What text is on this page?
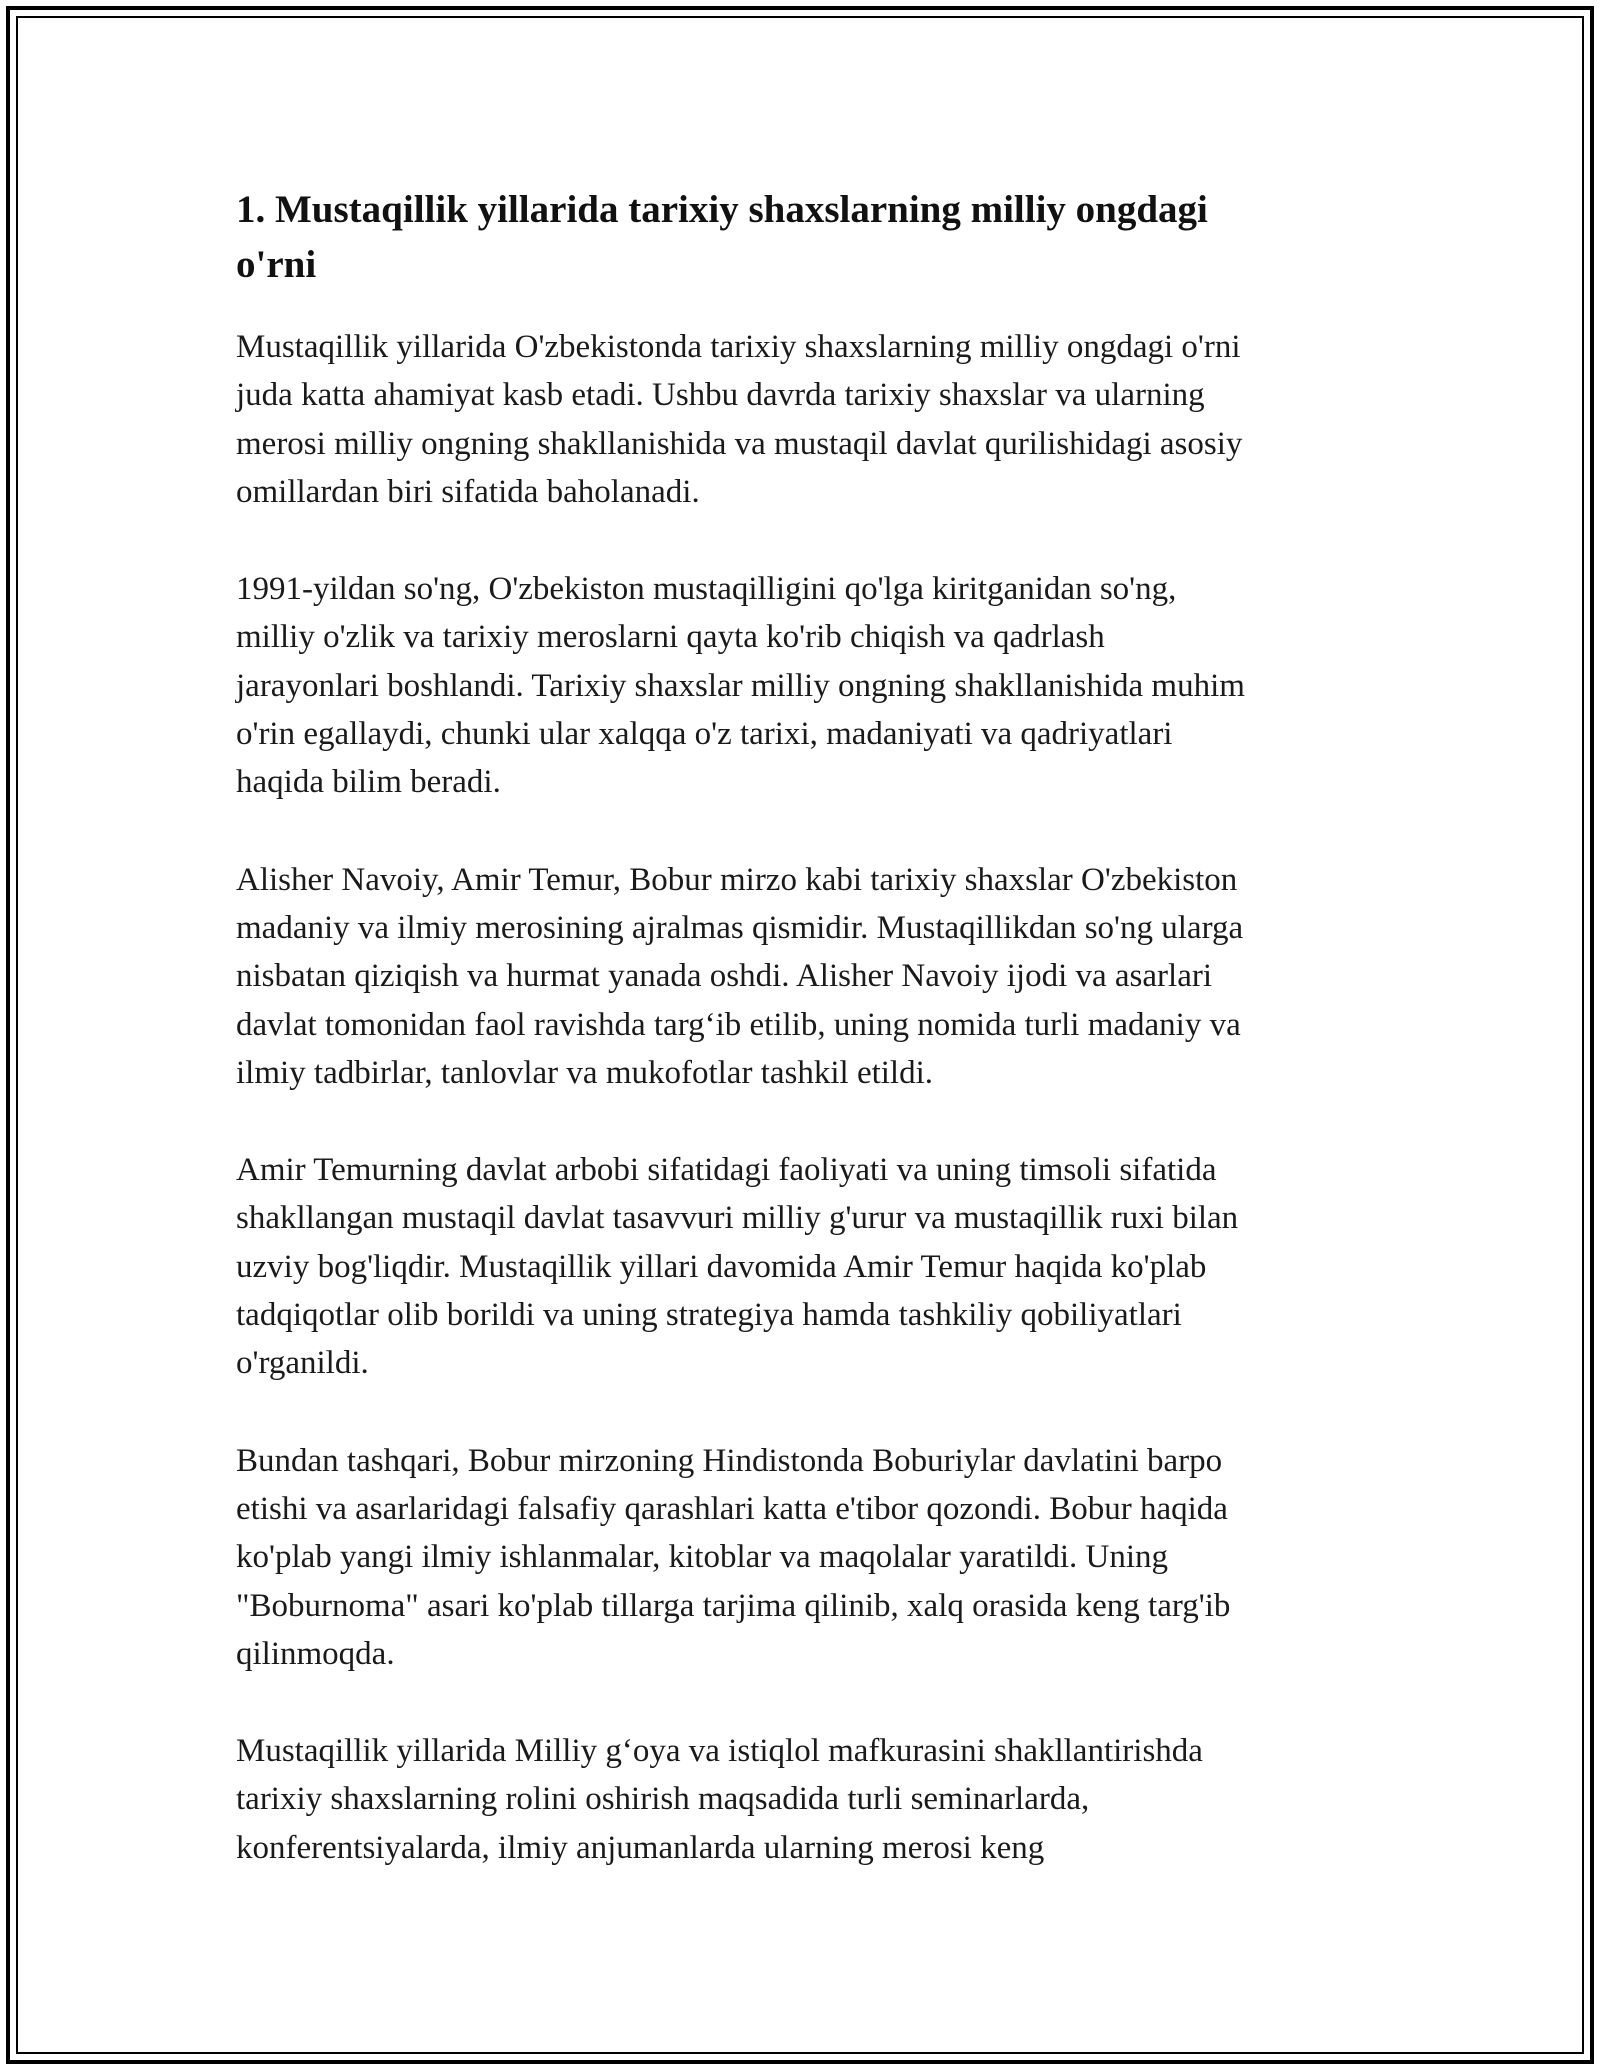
1. Mustaqillik yillarida tarixiy shaxslarning milliy ongdagi
o'rni

Mustaqillik yillarida O'zbekistonda tarixiy shaxslarning milliy ongdagi o'rni
juda katta ahamiyat kasb etadi. Ushbu davrda tarixiy shaxslar va ularning
merosi milliy ongning shakllanishida va mustaqil davlat qurilishidagi asosiy
omillardan biri sifatida baholanadi.

1991-yildan so'ng, O'zbekiston mustaqilligini qo'lga kiritganidan so'ng,
milliy o'zlik va tarixiy meroslarni qayta ko'rib chiqish va qadrlash
jarayonlari boshlandi. Tarixiy shaxslar milliy ongning shakllanishida muhim
o'rin egallaydi, chunki ular xalqqa o'z tarixi, madaniyati va qadriyatlari
haqida bilim beradi.

Alisher Navoiy, Amir Temur, Bobur mirzo kabi tarixiy shaxslar O'zbekiston
madaniy va ilmiy merosining ajralmas qismidir. Mustaqillikdan so'ng ularga
nisbatan qiziqish va hurmat yanada oshdi. Alisher Navoiy ijodi va asarlari
davlat tomonidan faol ravishda targ‘ib etilib, uning nomida turli madaniy va
ilmiy tadbirlar, tanlovlar va mukofotlar tashkil etildi.

Amir Temurning davlat arbobi sifatidagi faoliyati va uning timsoli sifatida
shakllangan mustaqil davlat tasavvuri milliy g'urur va mustaqillik ruxi bilan
uzviy bog'liqdir. Mustaqillik yillari davomida Amir Temur haqida ko'plab
tadqiqotlar olib borildi va uning strategiya hamda tashkiliy qobiliyatlari
o'rganildi.

Bundan tashqari, Bobur mirzoning Hindistonda Boburiylar davlatini barpo
etishi va asarlaridagi falsafiy qarashlari katta e'tibor qozondi. Bobur haqida
ko'plab yangi ilmiy ishlanmalar, kitoblar va maqolalar yaratildi. Uning
"Boburnoma" asari ko'plab tillarga tarjima qilinib, xalq orasida keng targ'ib
qilinmoqda.

Mustaqillik yillarida Milliy g‘oya va istiqlol mafkurasini shakllantirishda
tarixiy shaxslarning rolini oshirish maqsadida turli seminarlarda,
konferentsiyalarda, ilmiy anjumanlarda ularning merosi keng
